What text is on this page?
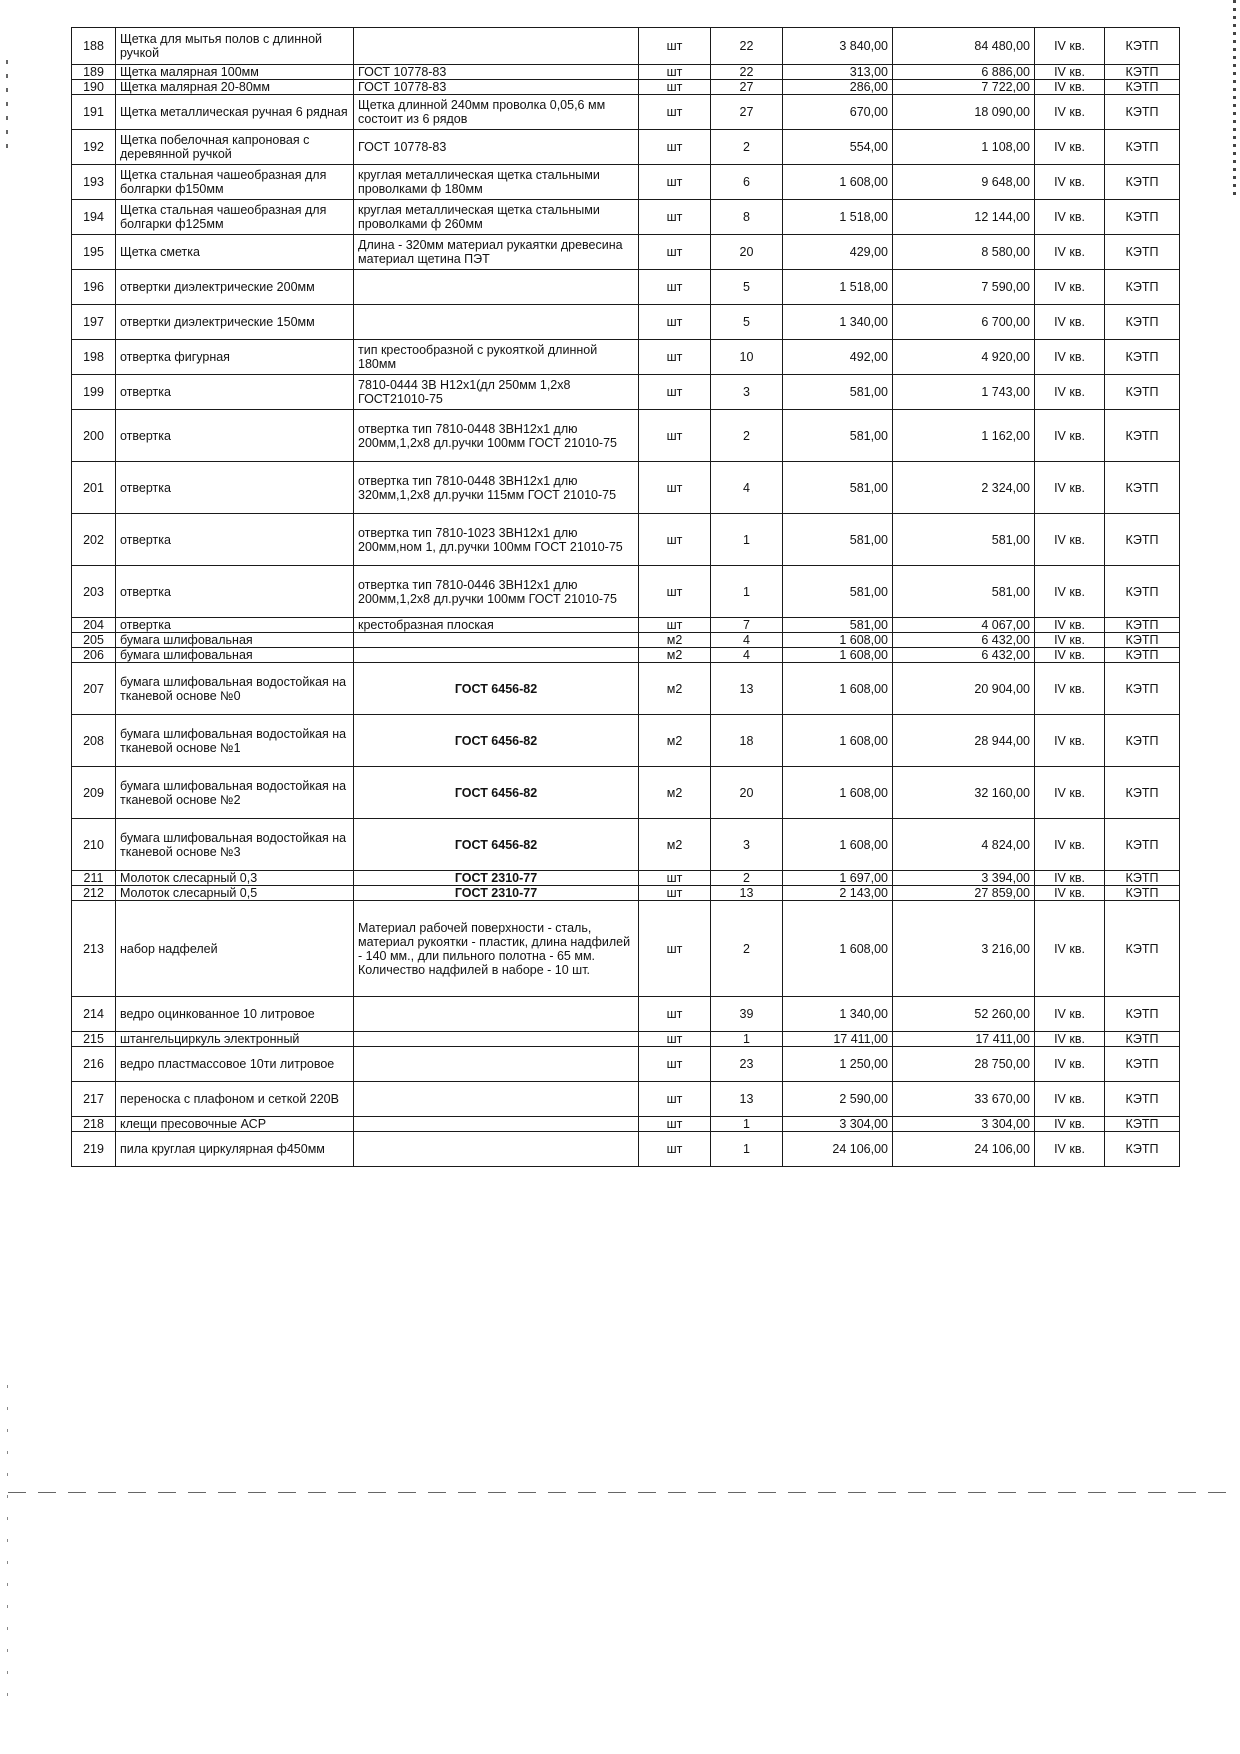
188	Щетка для мытья полов с длинной ручкой		шт	22	3 840,00	84 480,00	IV кв.	КЭТП
189	Щетка малярная 100мм	ГОСТ 10778-83	шт	22	313,00	6 886,00	IV кв.	КЭТП
190	Щетка малярная 20-80мм	ГОСТ 10778-83	шт	27	286,00	7 722,00	IV кв.	КЭТП
191	Щетка металлическая ручная 6 рядная	Щетка длинной 240мм проволка 0,05,6 мм состоит из 6 рядов	шт	27	670,00	18 090,00	IV кв.	КЭТП
192	Щетка побелочная капроновая с деревянной ручкой	ГОСТ 10778-83	шт	2	554,00	1 108,00	IV кв.	КЭТП
193	Щетка стальная чашеобразная для болгарки ф150мм	круглая металлическая щетка стальными проволками ф 180мм	шт	6	1 608,00	9 648,00	IV кв.	КЭТП
194	Щетка стальная чашеобразная для болгарки ф125мм	круглая металлическая щетка стальными проволками ф 260мм	шт	8	1 518,00	12 144,00	IV кв.	КЭТП
195	Щетка сметка	Длина - 320мм материал рукаятки древесина материал щетина ПЭТ	шт	20	429,00	8 580,00	IV кв.	КЭТП
196	отвертки диэлектрические 200мм		шт	5	1 518,00	7 590,00	IV кв.	КЭТП
197	отвертки диэлектрические 150мм		шт	5	1 340,00	6 700,00	IV кв.	КЭТП
198	отвертка фигурная	тип крестообразной с рукояткой длинной 180мм	шт	10	492,00	4 920,00	IV кв.	КЭТП
199	отвертка	7810-0444 3В Н12х1(дл 250мм 1,2х8 ГОСТ21010-75	шт	3	581,00	1 743,00	IV кв.	КЭТП
200	отвертка	отвертка тип 7810-0448 3ВН12х1 длю 200мм,1,2х8 дл.ручки 100мм ГОСТ 21010-75	шт	2	581,00	1 162,00	IV кв.	КЭТП
201	отвертка	отвертка тип 7810-0448 3ВН12х1 длю 320мм,1,2х8 дл.ручки 115мм ГОСТ 21010-75	шт	4	581,00	2 324,00	IV кв.	КЭТП
202	отвертка	отвертка тип 7810-1023 3ВН12х1 длю 200мм,ном 1, дл.ручки 100мм ГОСТ 21010-75	шт	1	581,00	581,00	IV кв.	КЭТП
203	отвертка	отвертка тип 7810-0446 3ВН12х1 длю 200мм,1,2х8 дл.ручки 100мм ГОСТ 21010-75	шт	1	581,00	581,00	IV кв.	КЭТП
204	отвертка	крестобразная плоская	шт	7	581,00	4 067,00	IV кв.	КЭТП
205	бумага шлифовальная		м2	4	1 608,00	6 432,00	IV кв.	КЭТП
206	бумага шлифовальная		м2	4	1 608,00	6 432,00	IV кв.	КЭТП
207	бумага шлифовальная водостойкая на тканевой основе №0	ГОСТ 6456-82	м2	13	1 608,00	20 904,00	IV кв.	КЭТП
208	бумага шлифовальная водостойкая на тканевой основе №1	ГОСТ 6456-82	м2	18	1 608,00	28 944,00	IV кв.	КЭТП
209	бумага шлифовальная водостойкая на тканевой основе №2	ГОСТ 6456-82	м2	20	1 608,00	32 160,00	IV кв.	КЭТП
210	бумага шлифовальная водостойкая на тканевой основе №3	ГОСТ 6456-82	м2	3	1 608,00	4 824,00	IV кв.	КЭТП
211	Молоток слесарный 0,3	ГОСТ 2310-77	шт	2	1 697,00	3 394,00	IV кв.	КЭТП
212	Молоток слесарный 0,5	ГОСТ 2310-77	шт	13	2 143,00	27 859,00	IV кв.	КЭТП
213	набор надфелей	Материал рабочей поверхности - сталь, материал рукоятки - пластик, длина надфилей - 140 мм., дли пильного полотна - 65 мм. Количество надфилей в наборе - 10 шт.	шт	2	1 608,00	3 216,00	IV кв.	КЭТП
214	ведро оцинкованное 10 литровое		шт	39	1 340,00	52 260,00	IV кв.	КЭТП
215	штангельциркуль электронный		шт	1	17 411,00	17 411,00	IV кв.	КЭТП
216	ведро пластмассовое 10ти литровое		шт	23	1 250,00	28 750,00	IV кв.	КЭТП
217	переноска с плафоном и сеткой 220В		шт	13	2 590,00	33 670,00	IV кв.	КЭТП
218	клещи пресовочные АСР		шт	1	3 304,00	3 304,00	IV кв.	КЭТП
219	пила круглая циркулярная ф450мм		шт	1	24 106,00	24 106,00	IV кв.	КЭТП
